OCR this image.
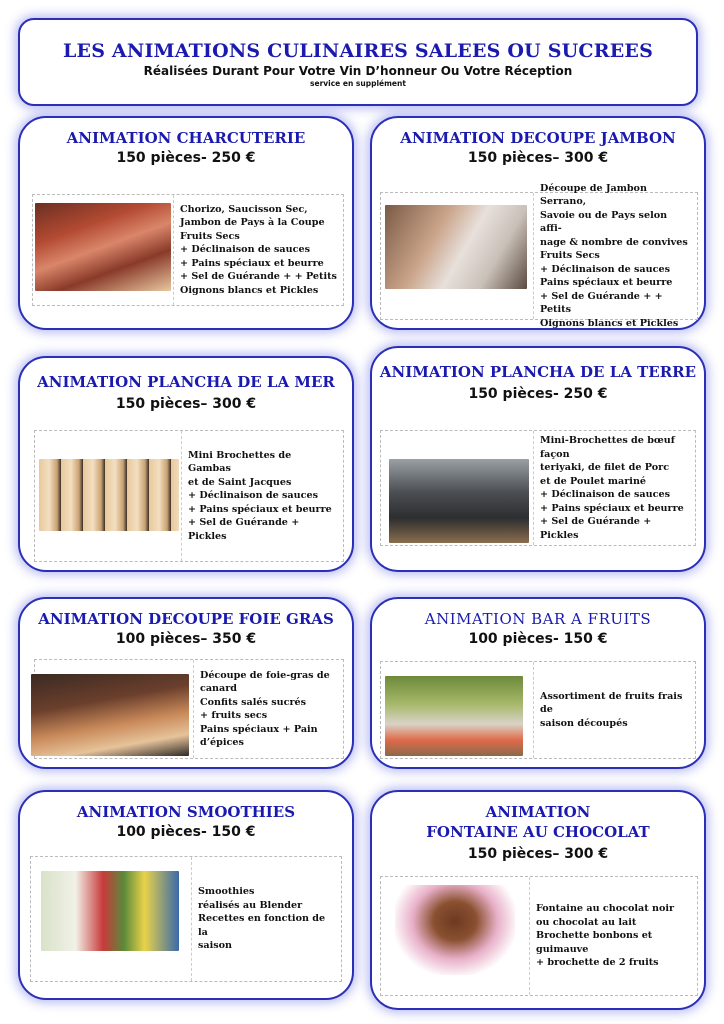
LES ANIMATIONS CULINAIRES SALEES OU SUCREES
Réalisées Durant Pour Votre Vin D’honneur Ou Votre Réception
service en supplément
ANIMATION CHARCUTERIE
150 pièces- 250 €
Chorizo, Saucisson Sec,
Jambon de Pays à la Coupe
Fruits Secs
+ Déclinaison de sauces
+ Pains spéciaux et beurre
+ Sel de Guérande + + Petits
Oignons blancs et Pickles
ANIMATION DECOUPE JAMBON
150 pièces– 300 €
Découpe de Jambon Serrano,
Savoie ou de Pays selon affi-
nage & nombre de convives
Fruits Secs
+ Déclinaison de sauces
Pains spéciaux et beurre
+ Sel de Guérande + + Petits
Oignons blancs et Pickles
ANIMATION PLANCHA DE LA MER
150 pièces– 300 €
Mini Brochettes de Gambas
et de Saint Jacques
+ Déclinaison de sauces
+ Pains spéciaux et beurre
+ Sel de Guérande + Pickles
ANIMATION PLANCHA DE LA TERRE
150 pièces- 250 €
Mini-Brochettes de bœuf façon
teriyaki, de filet de Porc
et de Poulet mariné
+ Déclinaison de sauces
+ Pains spéciaux et beurre
+ Sel de Guérande + Pickles
ANIMATION DECOUPE FOIE GRAS
100 pièces– 350 €
Découpe de foie-gras de
canard
Confits salés sucrés
+ fruits secs
Pains spéciaux + Pain
d’épices
ANIMATION BAR A FRUITS
100 pièces- 150 €
Assortiment de fruits frais de
saison découpés
ANIMATION SMOOTHIES
100 pièces- 150 €
Smoothies
réalisés au Blender
Recettes en fonction de la
saison
ANIMATION
FONTAINE AU CHOCOLAT
150 pièces– 300 €
Fontaine au chocolat noir
ou chocolat au lait
Brochette bonbons et guimauve
+ brochette de 2 fruits
